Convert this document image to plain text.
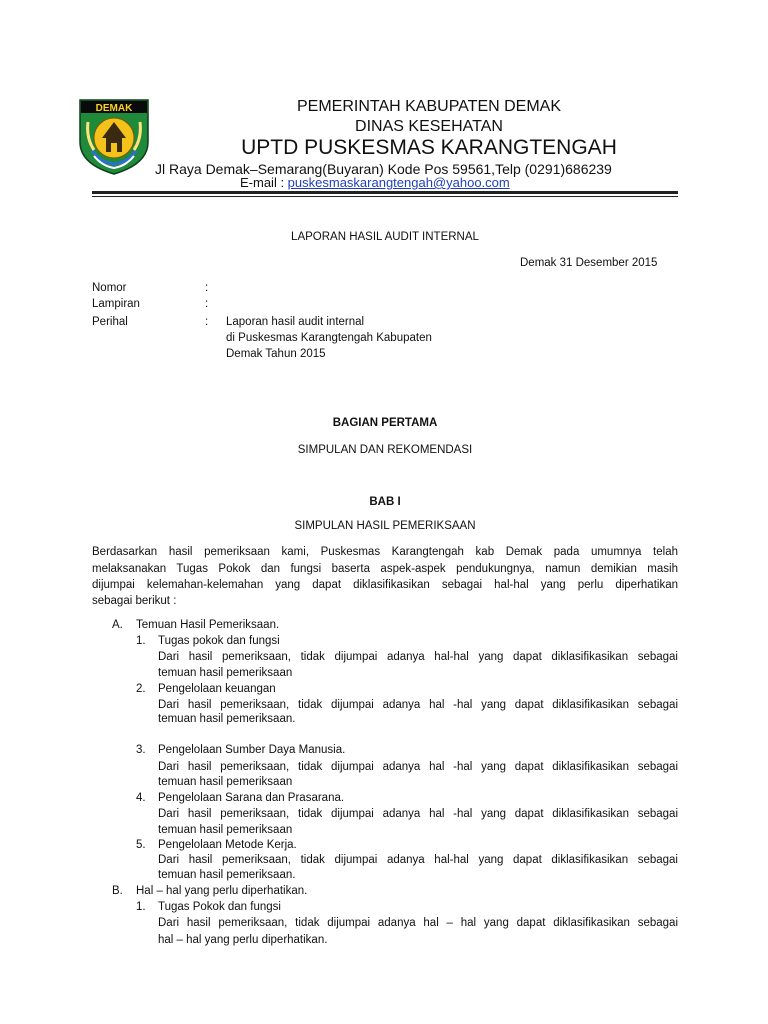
DEMAK	PEMERINTAH KABUPATEN DEMAK
DINAS KESEHATAN
UPTD PUSKESMAS KARANGTENGAH
Jl Raya Demak–Semarang(Buyaran) Kode Pos 59561,Telp (0291)686239
E-mail : puskesmaskarangtengah@yahoo.com
LAPORAN HASIL AUDIT INTERNAL
Demak 31 Desember 2015
Nomor	:
Lampiran	:
Perihal	: Laporan hasil audit internal
di Puskesmas Karangtengah Kabupaten
Demak Tahun 2015
BAGIAN PERTAMA
SIMPULAN DAN REKOMENDASI
BAB I
SIMPULAN HASIL PEMERIKSAAN
Berdasarkan hasil pemeriksaan kami, Puskesmas Karangtengah kab Demak pada umumnya telah
melaksanakan Tugas Pokok dan fungsi baserta aspek-aspek pendukungnya, namun demikian masih
dijumpai kelemahan-kelemahan yang dapat diklasifikasikan sebagai hal-hal yang perlu diperhatikan
sebagai berikut :
A. Temuan Hasil Pemeriksaan.
1. Tugas pokok dan fungsi
Dari hasil pemeriksaan, tidak dijumpai adanya hal-hal yang dapat diklasifikasikan sebagai
temuan hasil pemeriksaan
2. Pengelolaan keuangan
Dari hasil pemeriksaan, tidak dijumpai adanya hal -hal yang dapat diklasifikasikan sebagai
temuan hasil pemeriksaan.
3. Pengelolaan Sumber Daya Manusia.
Dari hasil pemeriksaan, tidak dijumpai adanya hal -hal yang dapat diklasifikasikan sebagai
temuan hasil pemeriksaan
4. Pengelolaan Sarana dan Prasarana.
Dari hasil pemeriksaan, tidak dijumpai adanya hal -hal yang dapat diklasifikasikan sebagai
temuan hasil pemeriksaan
5. Pengelolaan Metode Kerja.
Dari hasil pemeriksaan, tidak dijumpai adanya hal-hal yang dapat diklasifikasikan sebagai
temuan hasil pemeriksaan.
B. Hal – hal yang perlu diperhatikan.
1. Tugas Pokok dan fungsi
Dari hasil pemeriksaan, tidak dijumpai adanya hal – hal yang dapat diklasifikasikan sebagai
hal – hal yang perlu diperhatikan.
